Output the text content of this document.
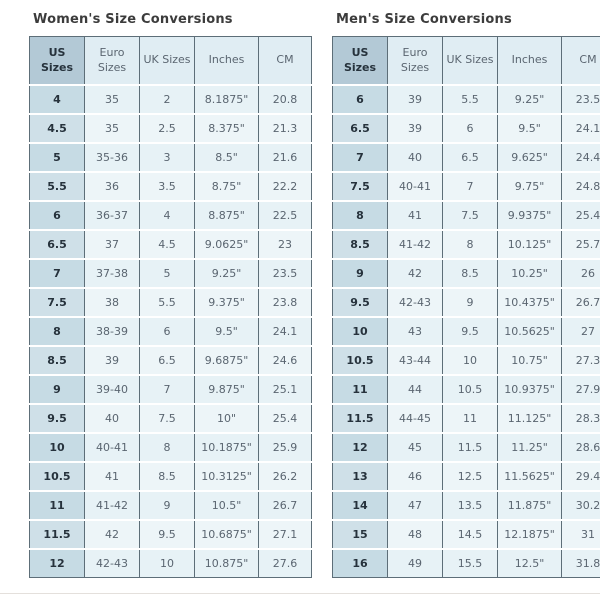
Women's Size Conversions
US Sizes	Euro Sizes	UK Sizes	Inches	CM
4	35	2	8.1875"	20.8
4.5	35	2.5	8.375"	21.3
5	35-36	3	8.5"	21.6
5.5	36	3.5	8.75"	22.2
6	36-37	4	8.875"	22.5
6.5	37	4.5	9.0625"	23
7	37-38	5	9.25"	23.5
7.5	38	5.5	9.375"	23.8
8	38-39	6	9.5"	24.1
8.5	39	6.5	9.6875"	24.6
9	39-40	7	9.875"	25.1
9.5	40	7.5	10"	25.4
10	40-41	8	10.1875"	25.9
10.5	41	8.5	10.3125"	26.2
11	41-42	9	10.5"	26.7
11.5	42	9.5	10.6875"	27.1
12	42-43	10	10.875"	27.6
Men's Size Conversions
US Sizes	Euro Sizes	UK Sizes	Inches	CM
6	39	5.5	9.25"	23.5
6.5	39	6	9.5"	24.1
7	40	6.5	9.625"	24.4
7.5	40-41	7	9.75"	24.8
8	41	7.5	9.9375"	25.4
8.5	41-42	8	10.125"	25.7
9	42	8.5	10.25"	26
9.5	42-43	9	10.4375"	26.7
10	43	9.5	10.5625"	27
10.5	43-44	10	10.75"	27.3
11	44	10.5	10.9375"	27.9
11.5	44-45	11	11.125"	28.3
12	45	11.5	11.25"	28.6
13	46	12.5	11.5625"	29.4
14	47	13.5	11.875"	30.2
15	48	14.5	12.1875"	31
16	49	15.5	12.5"	31.8
